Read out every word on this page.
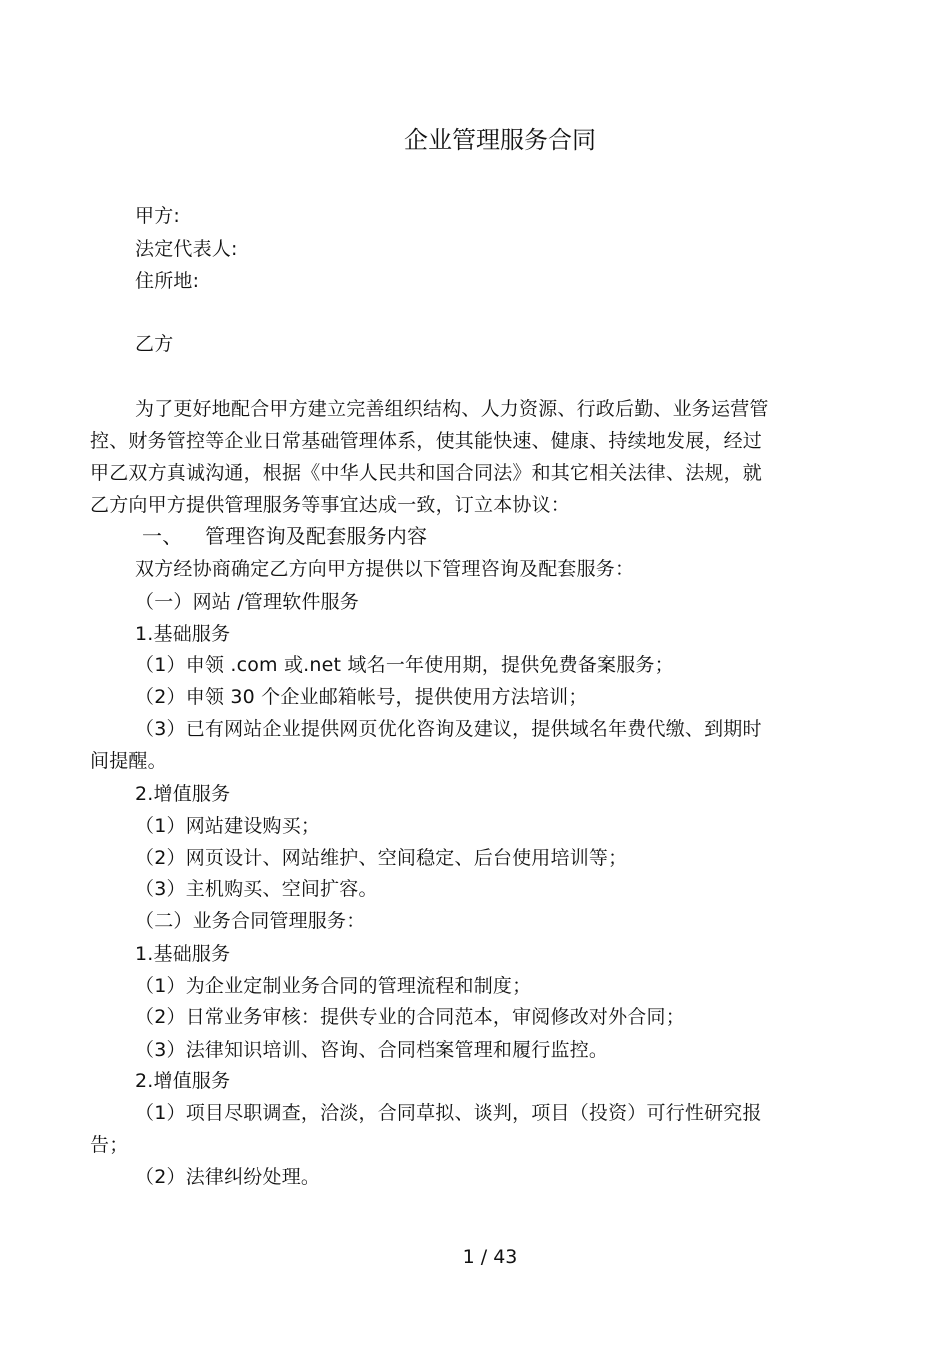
企业管理服务合同
甲方:
法定代表人:
住所地:
乙方
为了更好地配合甲方建立完善组织结构、人力资源、行政后勤、业务运营管
控、财务管控等企业日常基础管理体系，使其能快速、健康、持续地发展，经过
甲乙双方真诚沟通，根据《中华人民共和国合同法》和其它相关法律、法规，就
乙方向甲方提供管理服务等事宜达成一致，订立本协议：
一、 管理咨询及配套服务内容
双方经协商确定乙方向甲方提供以下管理咨询及配套服务：
（一）网站 /管理软件服务
1.基础服务
（1）申领 .com 或.net 域名一年使用期，提供免费备案服务；
（2）申领 30 个企业邮箱帐号，提供使用方法培训；
（3）已有网站企业提供网页优化咨询及建议，提供域名年费代缴、到期时
间提醒。
2.增值服务
（1）网站建设购买；
（2）网页设计、网站维护、空间稳定、后台使用培训等；
（3）主机购买、空间扩容。
（二）业务合同管理服务：
1.基础服务
（1）为企业定制业务合同的管理流程和制度；
（2）日常业务审核：提供专业的合同范本，审阅修改对外合同；
（3）法律知识培训、咨询、合同档案管理和履行监控。
2.增值服务
（1）项目尽职调查，洽淡，合同草拟、谈判，项目（投资）可行性研究报
告；
（2）法律纠纷处理。
1 / 43
